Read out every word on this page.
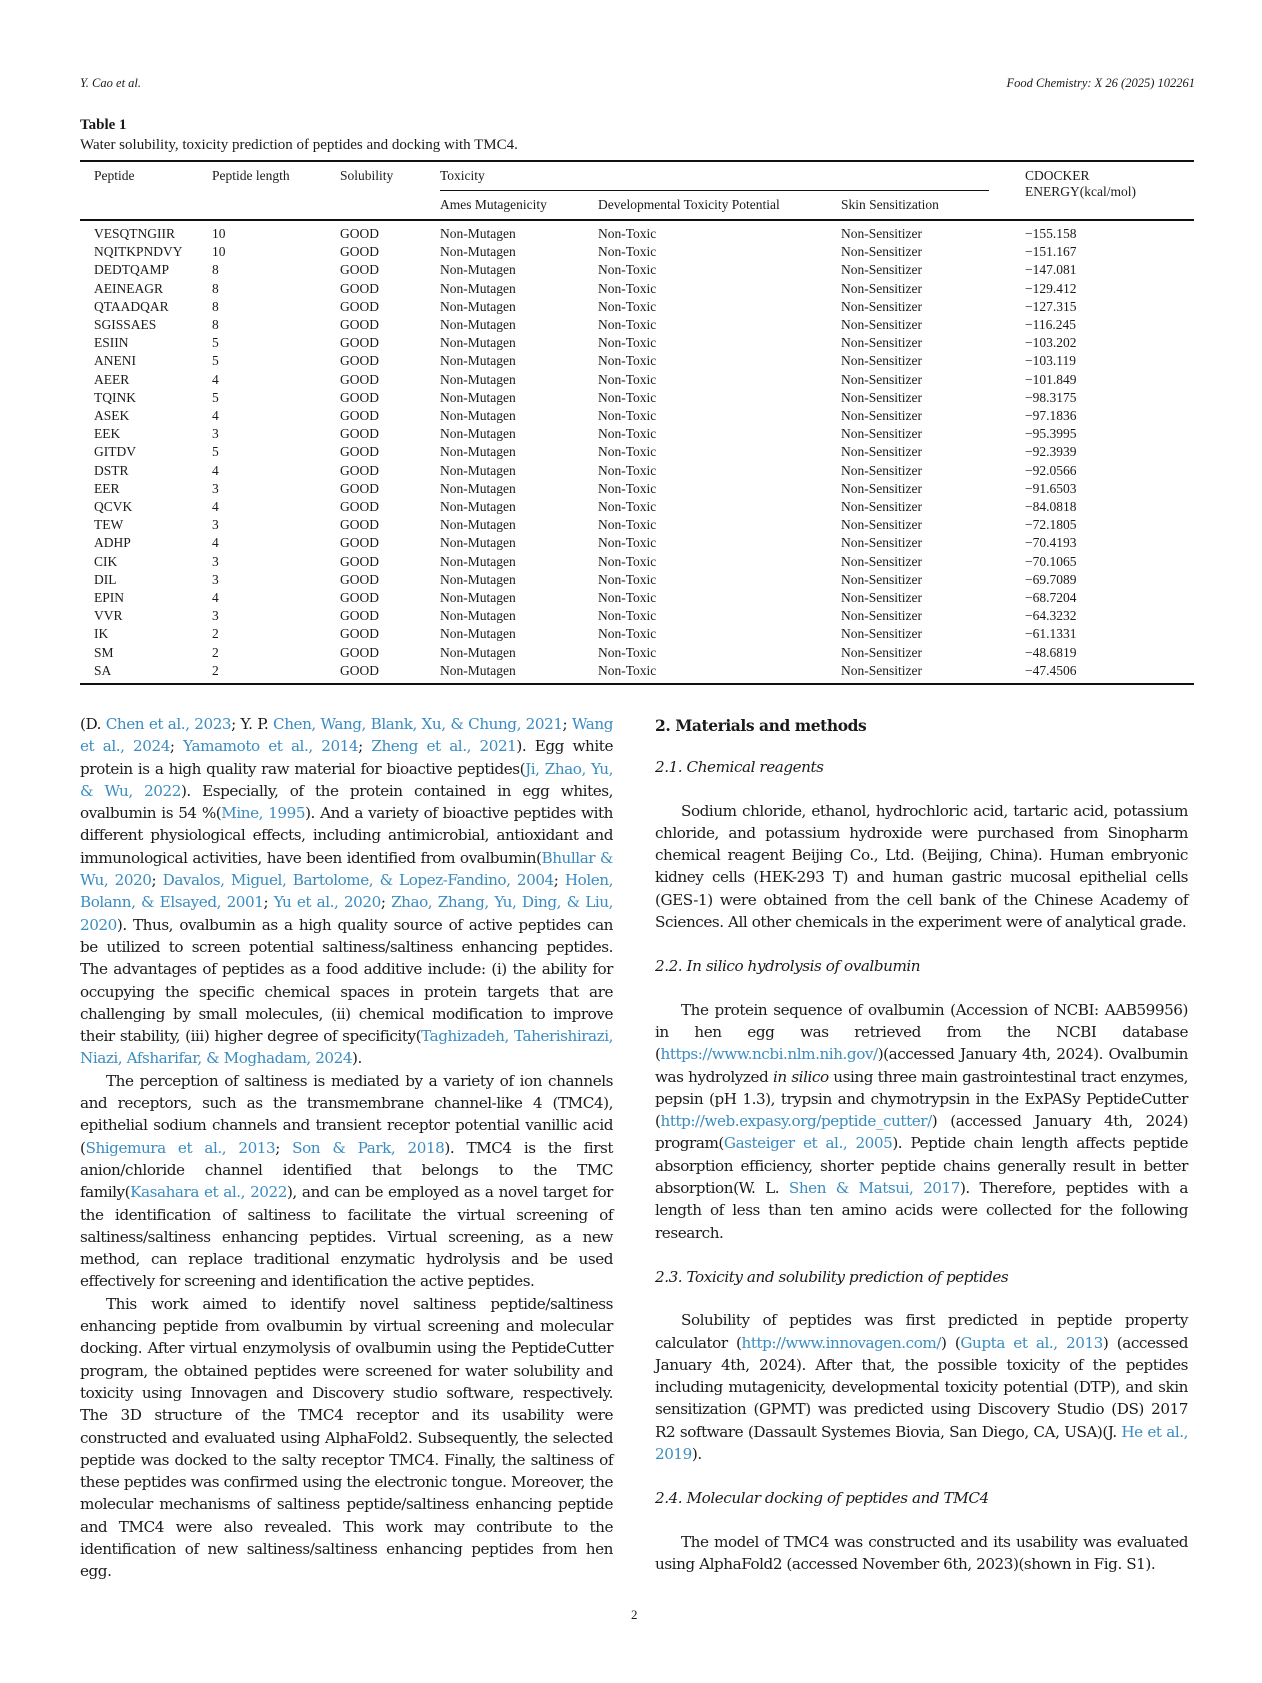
Y. Cao et al.	Food Chemistry: X 26 (2025) 102261
Table 1
Water solubility, toxicity prediction of peptides and docking with TMC4.
Peptide	Peptide length	Solubility	Toxicity			CDOCKER ENERGY(kcal/mol)
			Ames Mutagenicity	Developmental Toxicity Potential	Skin Sensitization	
VESQTNGIIR	10	GOOD	Non-Mutagen	Non-Toxic	Non-Sensitizer	−155.158
NQITKPNDVY	10	GOOD	Non-Mutagen	Non-Toxic	Non-Sensitizer	−151.167
DEDTQAMP	8	GOOD	Non-Mutagen	Non-Toxic	Non-Sensitizer	−147.081
AEINEAGR	8	GOOD	Non-Mutagen	Non-Toxic	Non-Sensitizer	−129.412
QTAADQAR	8	GOOD	Non-Mutagen	Non-Toxic	Non-Sensitizer	−127.315
SGISSAES	8	GOOD	Non-Mutagen	Non-Toxic	Non-Sensitizer	−116.245
ESIIN	5	GOOD	Non-Mutagen	Non-Toxic	Non-Sensitizer	−103.202
ANENI	5	GOOD	Non-Mutagen	Non-Toxic	Non-Sensitizer	−103.119
AEER	4	GOOD	Non-Mutagen	Non-Toxic	Non-Sensitizer	−101.849
TQINK	5	GOOD	Non-Mutagen	Non-Toxic	Non-Sensitizer	−98.3175
ASEK	4	GOOD	Non-Mutagen	Non-Toxic	Non-Sensitizer	−97.1836
EEK	3	GOOD	Non-Mutagen	Non-Toxic	Non-Sensitizer	−95.3995
GITDV	5	GOOD	Non-Mutagen	Non-Toxic	Non-Sensitizer	−92.3939
DSTR	4	GOOD	Non-Mutagen	Non-Toxic	Non-Sensitizer	−92.0566
EER	3	GOOD	Non-Mutagen	Non-Toxic	Non-Sensitizer	−91.6503
QCVK	4	GOOD	Non-Mutagen	Non-Toxic	Non-Sensitizer	−84.0818
TEW	3	GOOD	Non-Mutagen	Non-Toxic	Non-Sensitizer	−72.1805
ADHP	4	GOOD	Non-Mutagen	Non-Toxic	Non-Sensitizer	−70.4193
CIK	3	GOOD	Non-Mutagen	Non-Toxic	Non-Sensitizer	−70.1065
DIL	3	GOOD	Non-Mutagen	Non-Toxic	Non-Sensitizer	−69.7089
EPIN	4	GOOD	Non-Mutagen	Non-Toxic	Non-Sensitizer	−68.7204
VVR	3	GOOD	Non-Mutagen	Non-Toxic	Non-Sensitizer	−64.3232
IK	2	GOOD	Non-Mutagen	Non-Toxic	Non-Sensitizer	−61.1331
SM	2	GOOD	Non-Mutagen	Non-Toxic	Non-Sensitizer	−48.6819
SA	2	GOOD	Non-Mutagen	Non-Toxic	Non-Sensitizer	−47.4506

(D. Chen et al., 2023; Y. P. Chen, Wang, Blank, Xu, & Chung, 2021; Wang et al., 2024; Yamamoto et al., 2014; Zheng et al., 2021). Egg white protein is a high quality raw material for bioactive peptides(Ji, Zhao, Yu, & Wu, 2022). Especially, of the protein contained in egg whites, ovalbumin is 54 %(Mine, 1995). And a variety of bioactive peptides with different physiological effects, including antimicrobial, antioxidant and immunological activities, have been identified from ovalbumin(Bhullar & Wu, 2020; Davalos, Miguel, Bartolome, & Lopez-Fandino, 2004; Holen, Bolann, & Elsayed, 2001; Yu et al., 2020; Zhao, Zhang, Yu, Ding, & Liu, 2020). Thus, ovalbumin as a high quality source of active peptides can be utilized to screen potential saltiness/saltiness enhancing peptides. The advantages of peptides as a food additive include: (i) the ability for occupying the specific chemical spaces in protein targets that are challenging by small molecules, (ii) chemical modification to improve their stability, (iii) higher degree of specificity(Taghizadeh, Taherishirazi, Niazi, Afsharifar, & Moghadam, 2024).

The perception of saltiness is mediated by a variety of ion channels and receptors, such as the transmembrane channel-like 4 (TMC4), epithelial sodium channels and transient receptor potential vanillic acid (Shigemura et al., 2013; Son & Park, 2018). TMC4 is the first anion/chloride channel identified that belongs to the TMC family(Kasahara et al., 2022), and can be employed as a novel target for the identification of saltiness to facilitate the virtual screening of saltiness/saltiness enhancing peptides. Virtual screening, as a new method, can replace traditional enzymatic hydrolysis and be used effectively for screening and identification the active peptides.

This work aimed to identify novel saltiness peptide/saltiness enhancing peptide from ovalbumin by virtual screening and molecular docking. After virtual enzymolysis of ovalbumin using the PeptideCutter program, the obtained peptides were screened for water solubility and toxicity using Innovagen and Discovery studio software, respectively. The 3D structure of the TMC4 receptor and its usability were constructed and evaluated using AlphaFold2. Subsequently, the selected peptide was docked to the salty receptor TMC4. Finally, the saltiness of these peptides was confirmed using the electronic tongue. Moreover, the molecular mechanisms of saltiness peptide/saltiness enhancing peptide and TMC4 were also revealed. This work may contribute to the identification of new saltiness/saltiness enhancing peptides from hen egg.

2. Materials and methods

2.1. Chemical reagents

Sodium chloride, ethanol, hydrochloric acid, tartaric acid, potassium chloride, and potassium hydroxide were purchased from Sinopharm chemical reagent Beijing Co., Ltd. (Beijing, China). Human embryonic kidney cells (HEK-293 T) and human gastric mucosal epithelial cells (GES-1) were obtained from the cell bank of the Chinese Academy of Sciences. All other chemicals in the experiment were of analytical grade.

2.2. In silico hydrolysis of ovalbumin

The protein sequence of ovalbumin (Accession of NCBI: AAB59956) in hen egg was retrieved from the NCBI database (https://www.ncbi.nlm.nih.gov/)(accessed January 4th, 2024). Ovalbumin was hydrolyzed in silico using three main gastrointestinal tract enzymes, pepsin (pH 1.3), trypsin and chymotrypsin in the ExPASy PeptideCutter (http://web.expasy.org/peptide_cutter/) (accessed January 4th, 2024) program(Gasteiger et al., 2005). Peptide chain length affects peptide absorption efficiency, shorter peptide chains generally result in better absorption(W. L. Shen & Matsui, 2017). Therefore, peptides with a length of less than ten amino acids were collected for the following research.

2.3. Toxicity and solubility prediction of peptides

Solubility of peptides was first predicted in peptide property calculator (http://www.innovagen.com/) (Gupta et al., 2013) (accessed January 4th, 2024). After that, the possible toxicity of the peptides including mutagenicity, developmental toxicity potential (DTP), and skin sensitization (GPMT) was predicted using Discovery Studio (DS) 2017 R2 software (Dassault Systemes Biovia, San Diego, CA, USA)(J. He et al., 2019).

2.4. Molecular docking of peptides and TMC4

The model of TMC4 was constructed and its usability was evaluated using AlphaFold2 (accessed November 6th, 2023)(shown in Fig. S1).

2
